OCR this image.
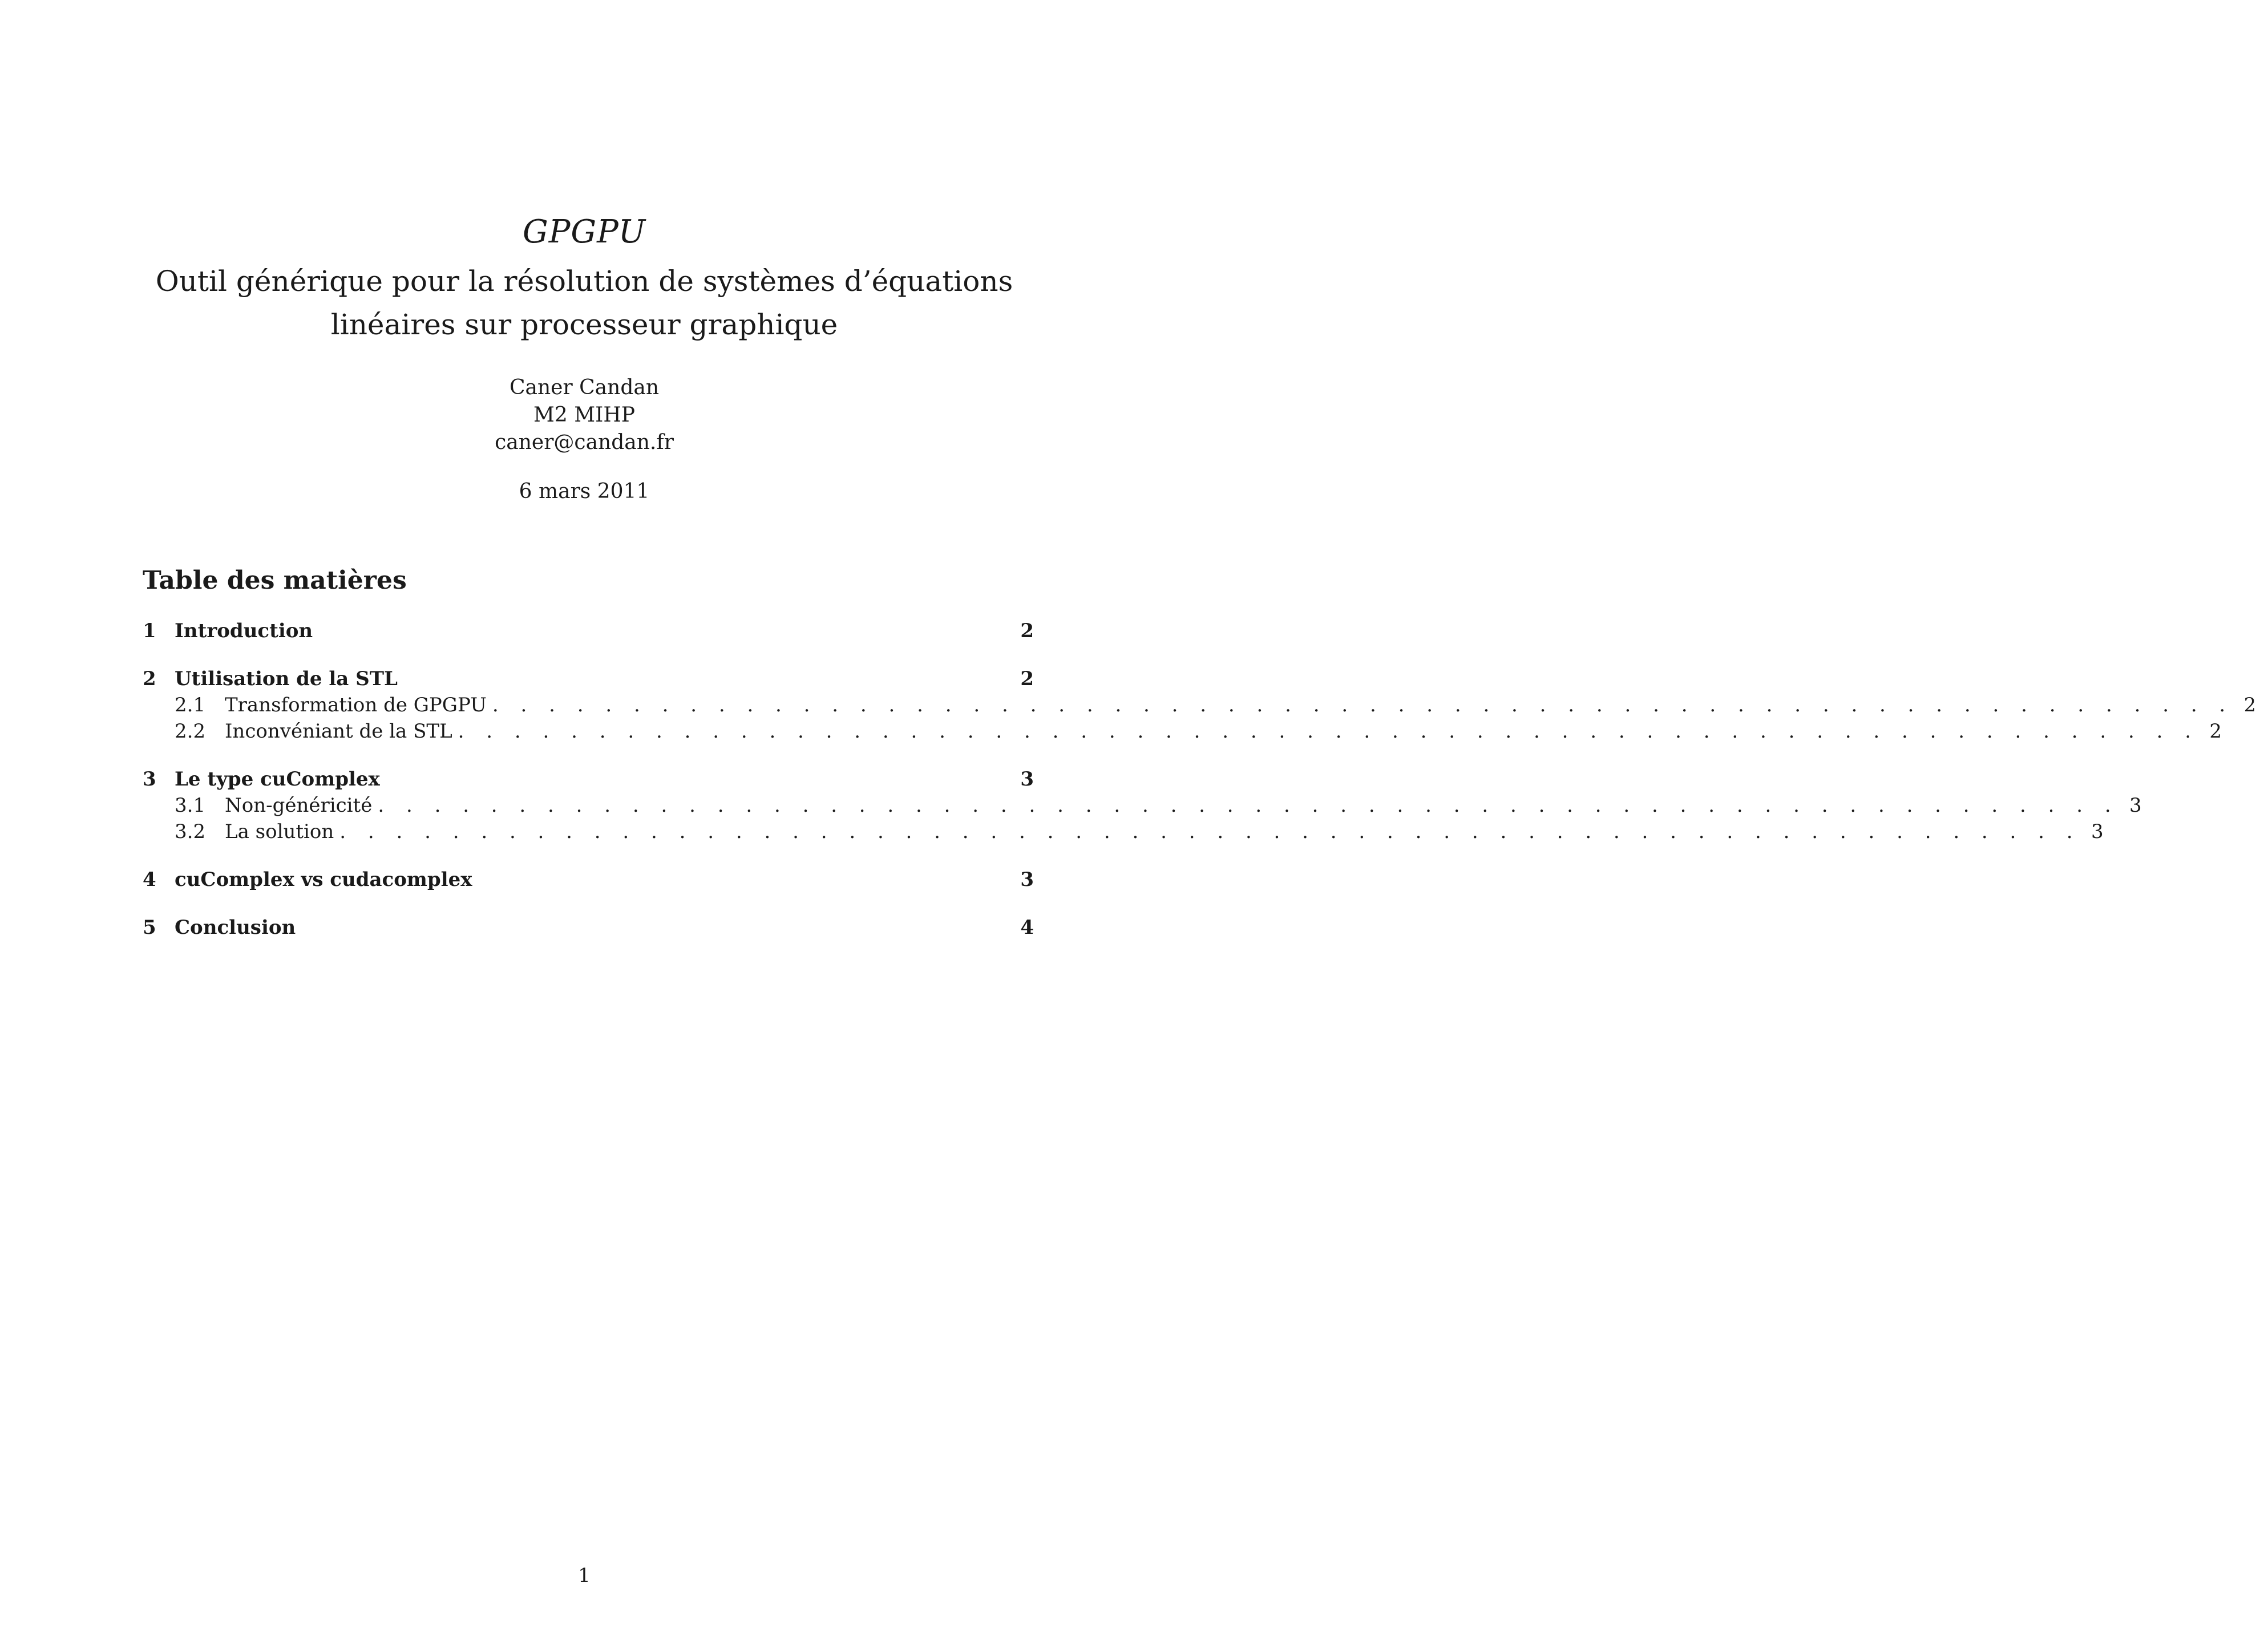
GPGPU
Outil générique pour la résolution de systèmes d’équations
linéaires sur processeur graphique
Caner Candan
M2 MIHP
caner@candan.fr
6 mars 2011
Table des matières
1 Introduction	2
2 Utilisation de la STL	2
2.1 Transformation de GPGPU . . . . . . . . . . . . . . . . . . . . . . . . . . . . . . . . . . . . . . . . . . . . . . . . . . . . . . . . . . . . . . 2
2.2 Inconvéniant de la STL . . . . . . . . . . . . . . . . . . . . . . . . . . . . . . . . . . . . . . . . . . . . . . . . . . . . . . . . . . . . . . 2
3 Le type cuComplex	3
3.1 Non-généricité . . . . . . . . . . . . . . . . . . . . . . . . . . . . . . . . . . . . . . . . . . . . . . . . . . . . . . . . . . . . . . 3
3.2 La solution . . . . . . . . . . . . . . . . . . . . . . . . . . . . . . . . . . . . . . . . . . . . . . . . . . . . . . . . . . . . . . 3
4 cuComplex vs cudacomplex	3
5 Conclusion	4
1
